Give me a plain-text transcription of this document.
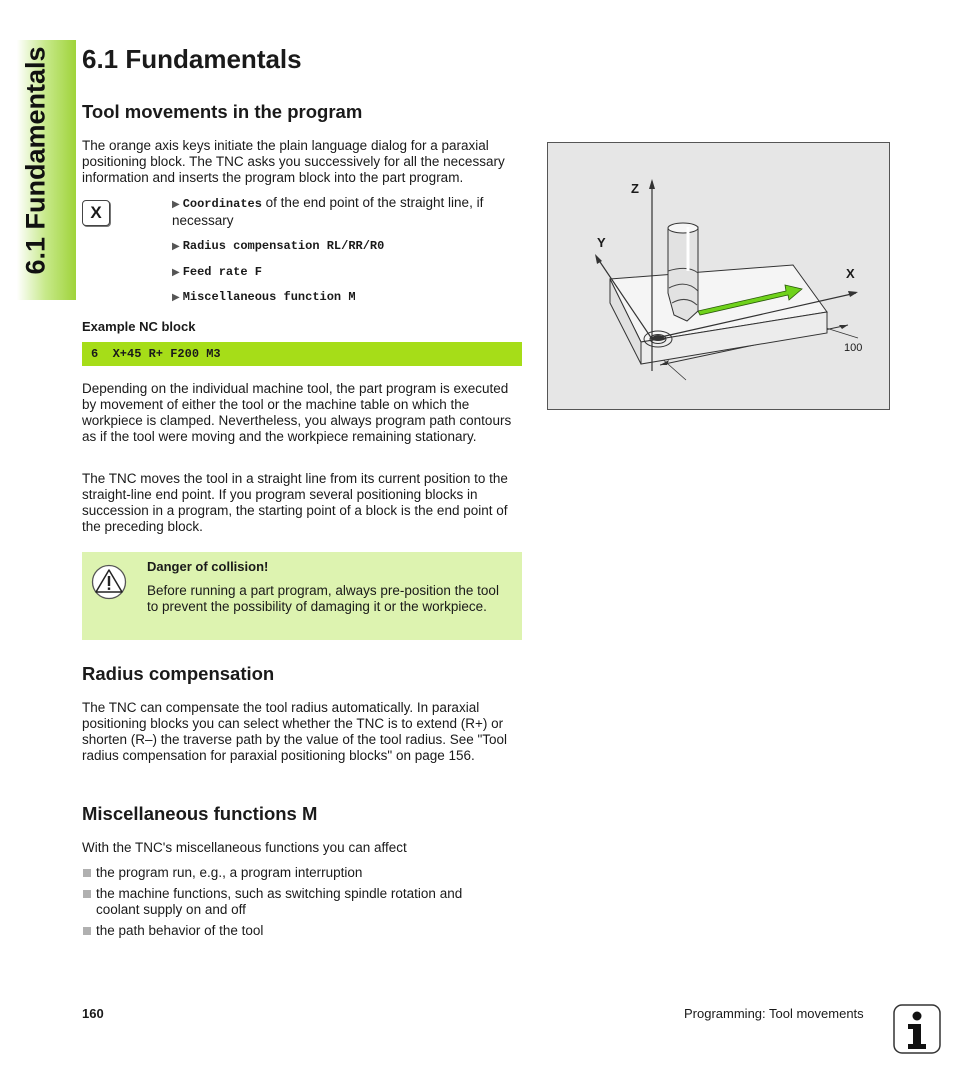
6.1 Fundamentals 6.1 Fundamentals
Tool movements in the program

The orange axis keys initiate the plain language dialog for a paraxial positioning block. The TNC asks you successively for all the necessary information and inserts the program block into the part program.

X	▶ Coordinates of the end point of the straight line, if necessary
▶ Radius compensation RL/RR/R0
▶ Feed rate F
▶ Miscellaneous function M
Example NC block
6  X+45 R+ F200 M3

Depending on the individual machine tool, the part program is executed by movement of either the tool or the machine table on which the workpiece is clamped. Nevertheless, you always program path contours as if the tool were moving and the workpiece remaining stationary.

The TNC moves the tool in a straight line from its current position to the straight-line end point. If you program several positioning blocks in succession in a program, the starting point of a block is the end point of the preceding block.

Danger of collision!
Before running a part program, always pre-position the tool to prevent the possibility of damaging it or the workpiece.
Z
Y
X
100
Radius compensation

The TNC can compensate the tool radius automatically. In paraxial positioning blocks you can select whether the TNC is to extend (R+) or shorten (R–) the traverse path by the value of the tool radius. See "Tool radius compensation for paraxial positioning blocks" on page 156.

Miscellaneous functions M

With the TNC's miscellaneous functions you can affect

the program run, e.g., a program interruption
the machine functions, such as switching spindle rotation and coolant supply on and off
the path behavior of the tool
160	Programming: Tool movements
